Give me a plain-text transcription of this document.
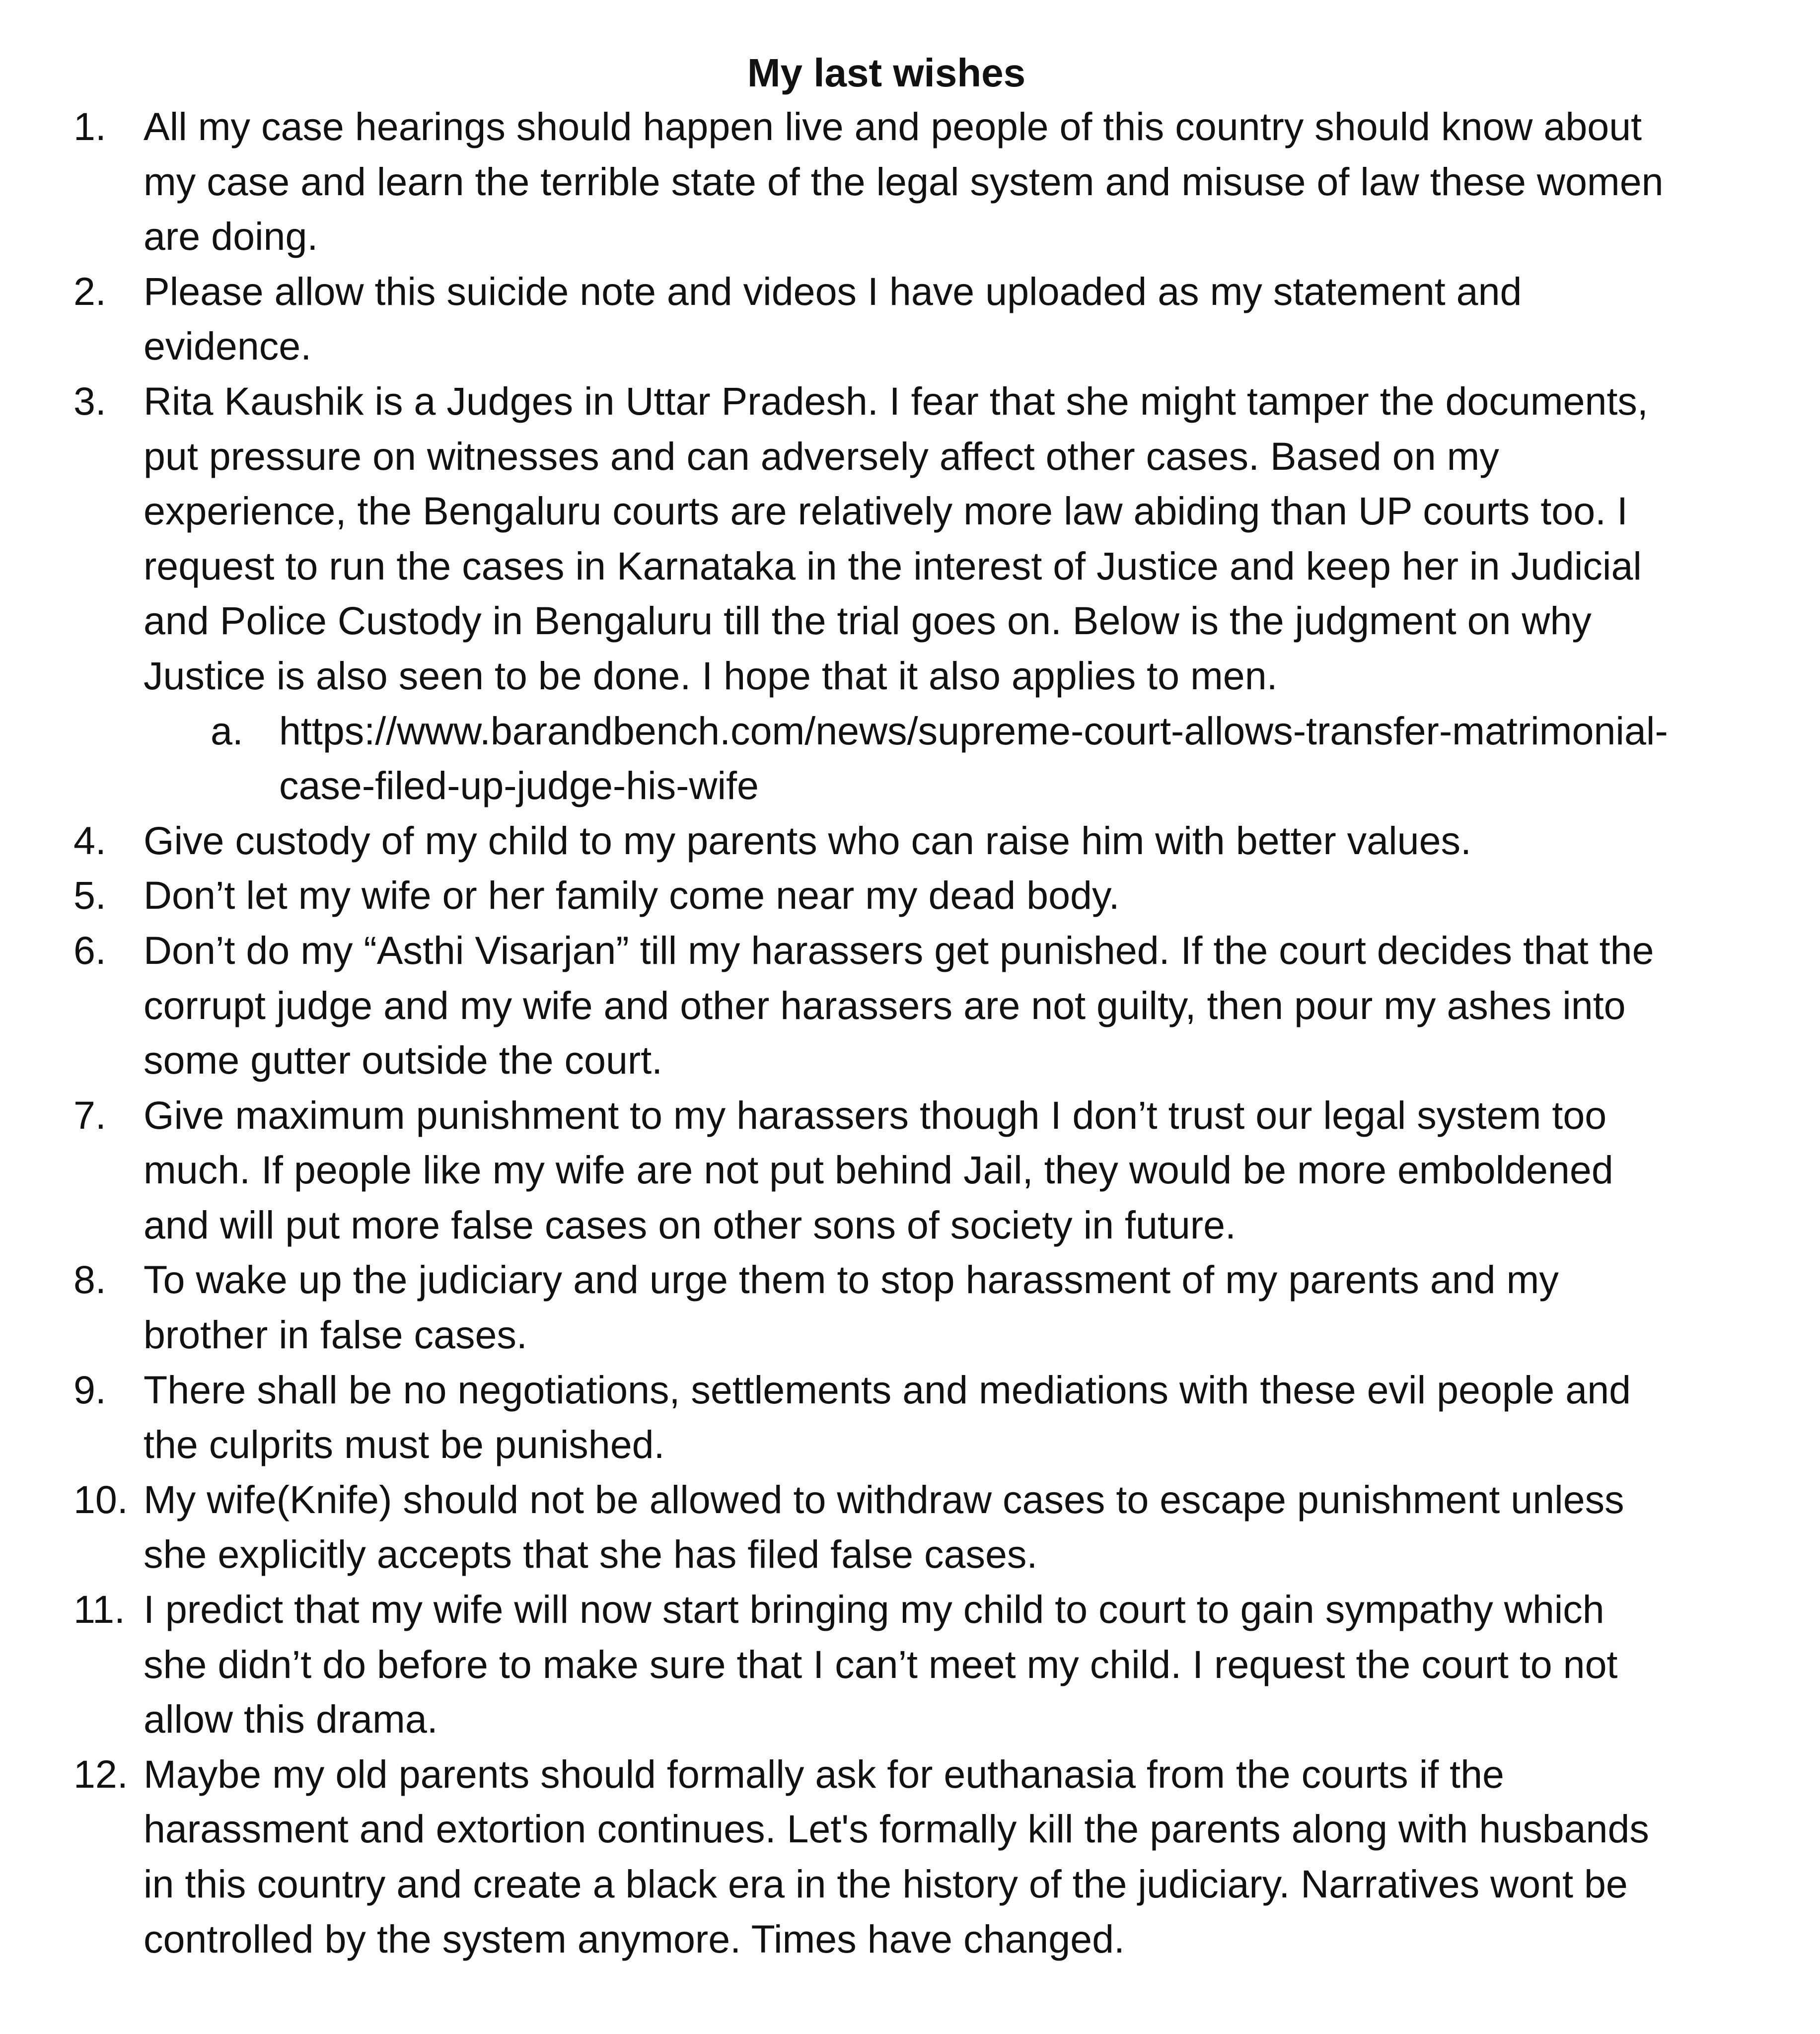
My last wishes
1. All my case hearings should happen live and people of this country should know about
my case and learn the terrible state of the legal system and misuse of law these women
are doing.
2. Please allow this suicide note and videos I have uploaded as my statement and
evidence.
3. Rita Kaushik is a Judges in Uttar Pradesh. I fear that she might tamper the documents,
put pressure on witnesses and can adversely affect other cases. Based on my
experience, the Bengaluru courts are relatively more law abiding than UP courts too. I
request to run the cases in Karnataka in the interest of Justice and keep her in Judicial
and Police Custody in Bengaluru till the trial goes on. Below is the judgment on why
Justice is also seen to be done. I hope that it also applies to men.
a. https://www.barandbench.com/news/supreme-court-allows-transfer-matrimonial-
case-filed-up-judge-his-wife
4. Give custody of my child to my parents who can raise him with better values.
5. Don’t let my wife or her family come near my dead body.
6. Don’t do my “Asthi Visarjan” till my harassers get punished. If the court decides that the
corrupt judge and my wife and other harassers are not guilty, then pour my ashes into
some gutter outside the court.
7. Give maximum punishment to my harassers though I don’t trust our legal system too
much. If people like my wife are not put behind Jail, they would be more emboldened
and will put more false cases on other sons of society in future.
8. To wake up the judiciary and urge them to stop harassment of my parents and my
brother in false cases.
9. There shall be no negotiations, settlements and mediations with these evil people and
the culprits must be punished.
10. My wife(Knife) should not be allowed to withdraw cases to escape punishment unless
she explicitly accepts that she has filed false cases.
11. I predict that my wife will now start bringing my child to court to gain sympathy which
she didn’t do before to make sure that I can’t meet my child. I request the court to not
allow this drama.
12. Maybe my old parents should formally ask for euthanasia from the courts if the
harassment and extortion continues. Let's formally kill the parents along with husbands
in this country and create a black era in the history of the judiciary. Narratives wont be
controlled by the system anymore. Times have changed.
